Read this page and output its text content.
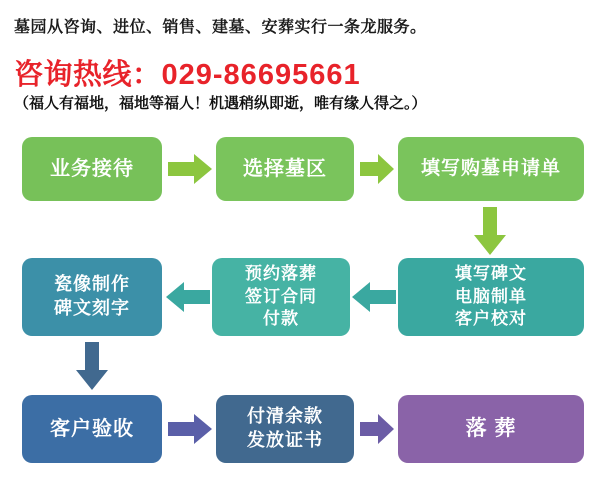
墓园从咨询、进位、销售、建墓、安葬实行一条龙服务。
咨询热线：029-86695661
（福人有福地，福地等福人！机遇稍纵即逝，唯有缘人得之。）
业务接待	选择墓区	填写购墓申请单
填写碑文
电脑制单
客户校对
预约落葬
签订合同
付款
瓷像制作
碑文刻字
客户验收
付清余款
发放证书	落 葬
